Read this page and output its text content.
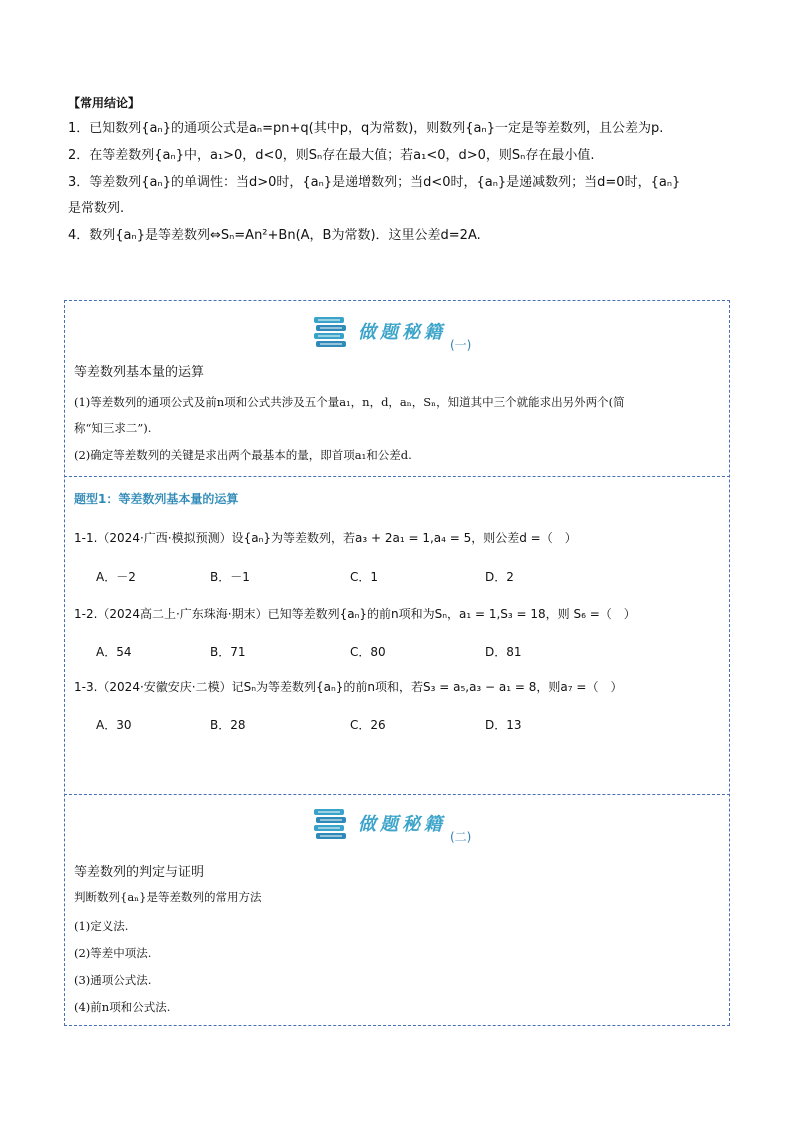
【常用结论】
1．已知数列{aₙ}的通项公式是aₙ=pn+q(其中p，q为常数)，则数列{aₙ}一定是等差数列，且公差为p.
2．在等差数列{aₙ}中，a₁>0，d<0，则Sₙ存在最大值；若a₁<0，d>0，则Sₙ存在最小值.
3．等差数列{aₙ}的单调性：当d>0时，{aₙ}是递增数列；当d<0时，{aₙ}是递减数列；当d=0时，{aₙ}
是常数列.
4．数列{aₙ}是等差数列⇔Sₙ=An²+Bn(A，B为常数)．这里公差d=2A.
做题秘籍
(一)
等差数列基本量的运算
(1)等差数列的通项公式及前n项和公式共涉及五个量a₁，n，d，aₙ，Sₙ，知道其中三个就能求出另外两个(简
称“知三求二”).
(2)确定等差数列的关键是求出两个最基本的量，即首项a₁和公差d.
题型1：等差数列基本量的运算
1-1.（2024·广西·模拟预测）设{aₙ}为等差数列，若a₃ + 2a₁ = 1,a₄ = 5，则公差d =（　）
A．－2	B．－1	C．1	D．2
1-2.（2024高二上·广东珠海·期末）已知等差数列{aₙ}的前n项和为Sₙ，a₁ = 1,S₃ = 18，则 S₆ =（　）
A．54	B．71	C．80	D．81
1-3.（2024·安徽安庆·二模）记Sₙ为等差数列{aₙ}的前n项和，若S₃ = a₅,a₃ − a₁ = 8，则a₇ =（　）
A．30	B．28	C．26	D．13
做题秘籍
(二)
等差数列的判定与证明
判断数列{aₙ}是等差数列的常用方法
(1)定义法.
(2)等差中项法.
(3)通项公式法.
(4)前n项和公式法.
